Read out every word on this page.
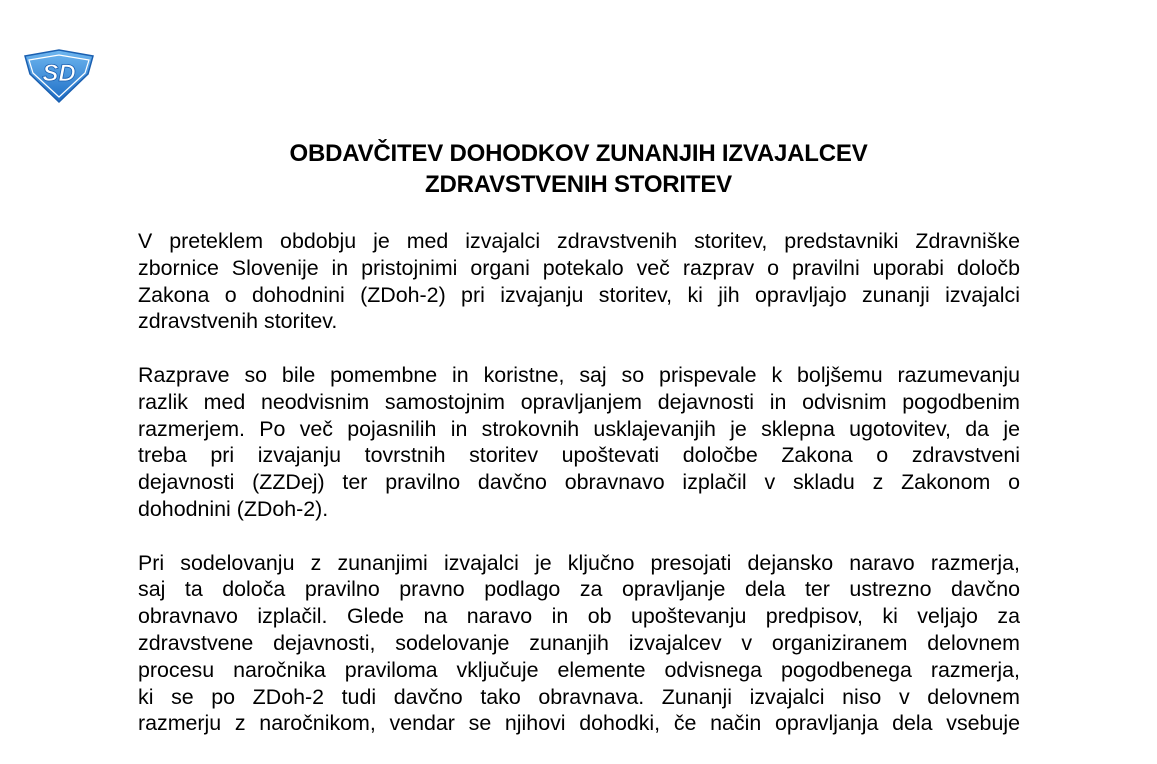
SD
OBDAVČITEV DOHODKOV ZUNANJIH IZVAJALCEV
ZDRAVSTVENIH STORITEV
V preteklem obdobju je med izvajalci zdravstvenih storitev, predstavniki Zdravniške
zbornice Slovenije in pristojnimi organi potekalo več razprav o pravilni uporabi določb
Zakona o dohodnini (ZDoh-2) pri izvajanju storitev, ki jih opravljajo zunanji izvajalci
zdravstvenih storitev.
Razprave so bile pomembne in koristne, saj so prispevale k boljšemu razumevanju
razlik med neodvisnim samostojnim opravljanjem dejavnosti in odvisnim pogodbenim
razmerjem. Po več pojasnilih in strokovnih usklajevanjih je sklepna ugotovitev, da je
treba pri izvajanju tovrstnih storitev upoštevati določbe Zakona o zdravstveni
dejavnosti (ZZDej) ter pravilno davčno obravnavo izplačil v skladu z Zakonom o
dohodnini (ZDoh-2).
Pri sodelovanju z zunanjimi izvajalci je ključno presojati dejansko naravo razmerja,
saj ta določa pravilno pravno podlago za opravljanje dela ter ustrezno davčno
obravnavo izplačil. Glede na naravo in ob upoštevanju predpisov, ki veljajo za
zdravstvene dejavnosti, sodelovanje zunanjih izvajalcev v organiziranem delovnem
procesu naročnika praviloma vključuje elemente odvisnega pogodbenega razmerja,
ki se po ZDoh-2 tudi davčno tako obravnava. Zunanji izvajalci niso v delovnem
razmerju z naročnikom, vendar se njihovi dohodki, če način opravljanja dela vsebuje
